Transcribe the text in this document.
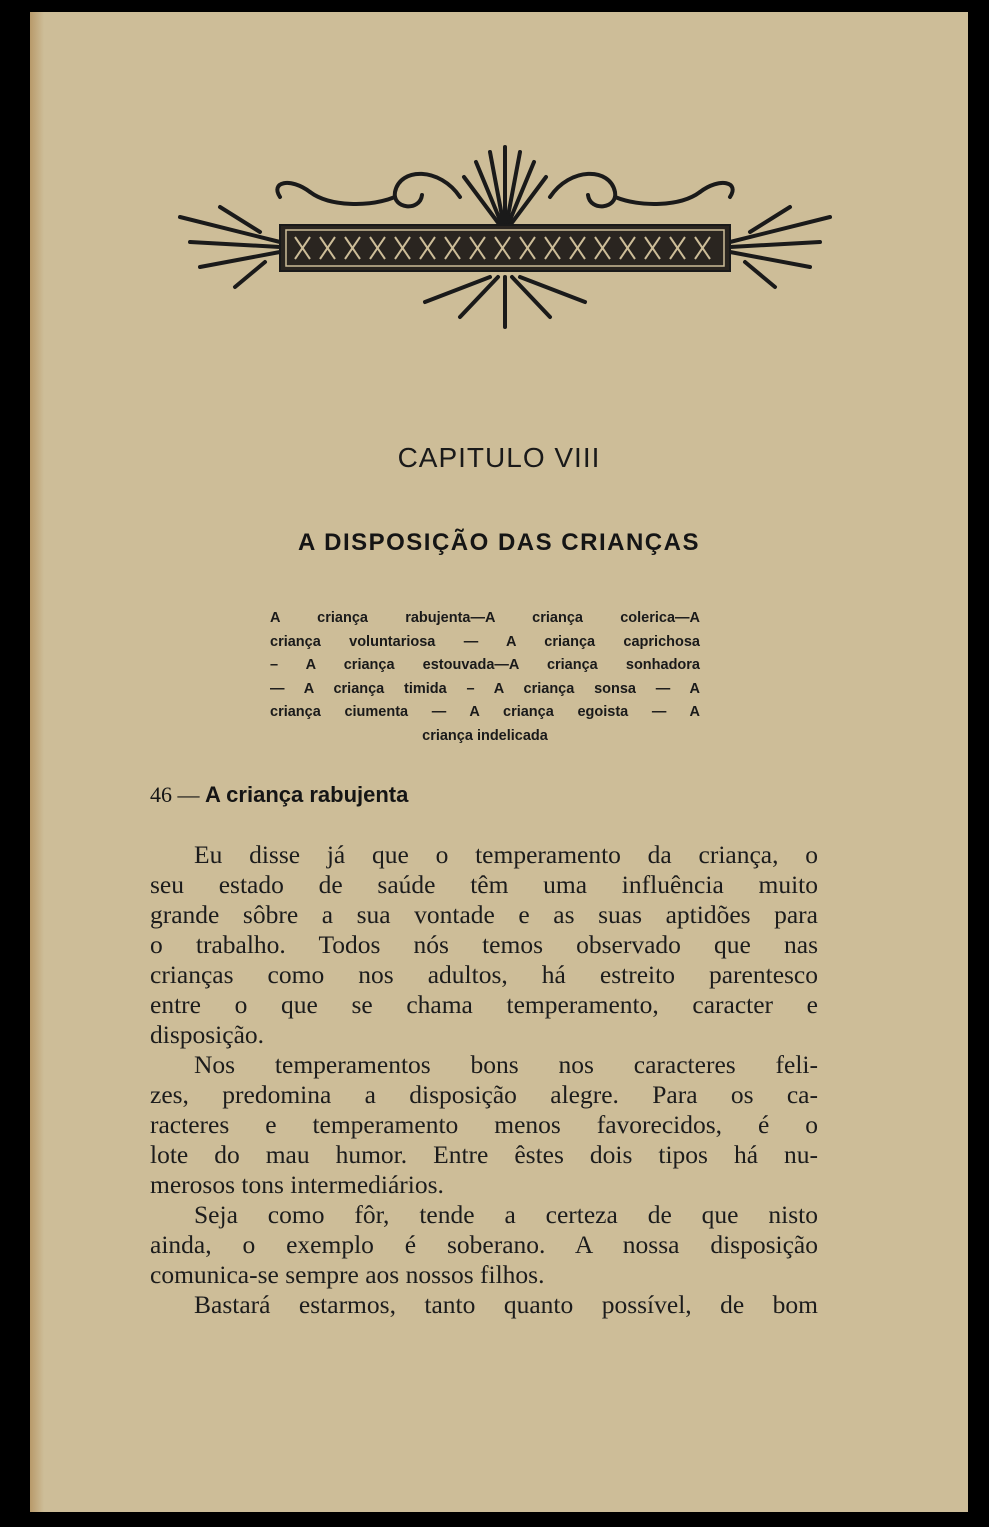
CAPITULO VIII
A DISPOSIÇÃO DAS CRIANÇAS
A criança rabujenta—A criança colerica—A
criança voluntariosa — A criança caprichosa
– A criança estouvada—A criança sonhadora
— A criança timida – A criança sonsa — A
criança ciumenta — A criança egoista — A
criança indelicada
46 — A criança rabujenta
Eu disse já que o temperamento da criança, o
seu estado de saúde têm uma influência muito
grande sôbre a sua vontade e as suas aptidões para
o trabalho. Todos nós temos observado que nas
crianças como nos adultos, há estreito parentesco
entre o que se chama temperamento, caracter e
disposição.
Nos temperamentos bons nos caracteres feli-
zes, predomina a disposição alegre. Para os ca-
racteres e temperamento menos favorecidos, é o
lote do mau humor. Entre êstes dois tipos há nu-
merosos tons intermediários.
Seja como fôr, tende a certeza de que nisto
ainda, o exemplo é soberano. A nossa disposição
comunica-se sempre aos nossos filhos.
Bastará estarmos, tanto quanto possível, de bom
